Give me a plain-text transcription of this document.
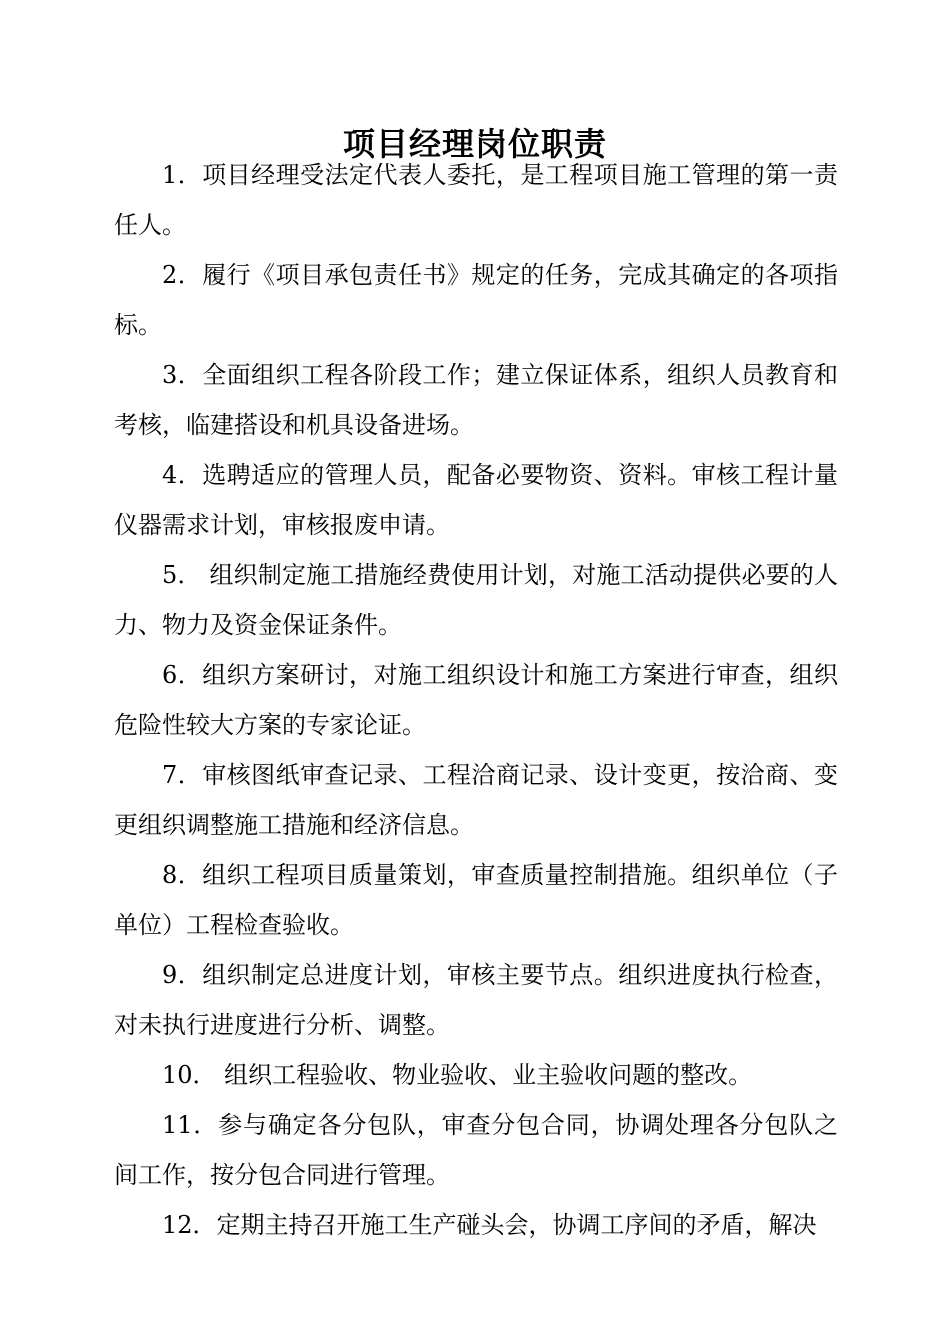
项目经理岗位职责

1．项目经理受法定代表人委托，是工程项目施工管理的第一责任人。

2．履行《项目承包责任书》规定的任务，完成其确定的各项指标。

3．全面组织工程各阶段工作；建立保证体系，组织人员教育和考核，临建搭设和机具设备进场。

4．选聘适应的管理人员，配备必要物资、资料。审核工程计量仪器需求计划，审核报废申请。

5． 组织制定施工措施经费使用计划，对施工活动提供必要的人力、物力及资金保证条件。

6．组织方案研讨，对施工组织设计和施工方案进行审查，组织危险性较大方案的专家论证。

7．审核图纸审查记录、工程洽商记录、设计变更，按洽商、变更组织调整施工措施和经济信息。

8．组织工程项目质量策划，审查质量控制措施。组织单位（子单位）工程检查验收。

9．组织制定总进度计划，审核主要节点。组织进度执行检查，对未执行进度进行分析、调整。

10． 组织工程验收、物业验收、业主验收问题的整改。

11．参与确定各分包队，审查分包合同，协调处理各分包队之间工作，按分包合同进行管理。

12．定期主持召开施工生产碰头会，协调工序间的矛盾，解决
